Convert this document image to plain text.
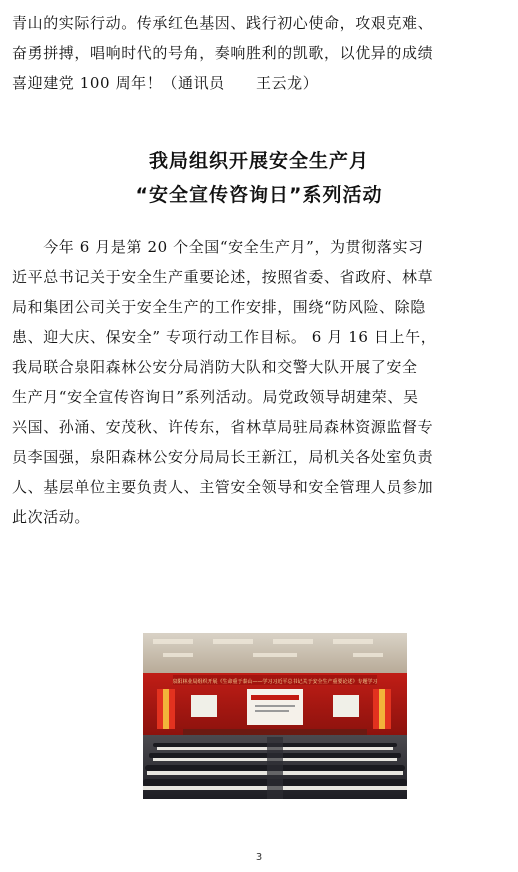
青山的实际行动。传承红色基因、践行初心使命，攻艰克难、
奋勇拼搏，唱响时代的号角，奏响胜利的凯歌，以优异的成绩
喜迎建党 100 周年！（通讯员　　王云龙）
我局组织开展安全生产月
“安全宣传咨询日”系列活动
　　今年 6 月是第 20 个全国“安全生产月”，为贯彻落实习
近平总书记关于安全生产重要论述，按照省委、省政府、林草
局和集团公司关于安全生产的工作安排，围绕“防风险、除隐
患、迎大庆、保安全” 专项行动工作目标。 6 月 16 日上午，
我局联合泉阳森林公安分局消防大队和交警大队开展了安全
生产月“安全宣传咨询日”系列活动。局党政领导胡建荣、吴
兴国、孙涌、安茂秋、许传东，省林草局驻局森林资源监督专
员李国强，泉阳森林公安分局局长王新江，局机关各处室负责
人、基层单位主要负责人、主管安全领导和安全管理人员参加
此次活动。
泉阳林业局组织开展《生命重于泰山——学习习近平总书记关于安全生产重要论述》专题学习
3
